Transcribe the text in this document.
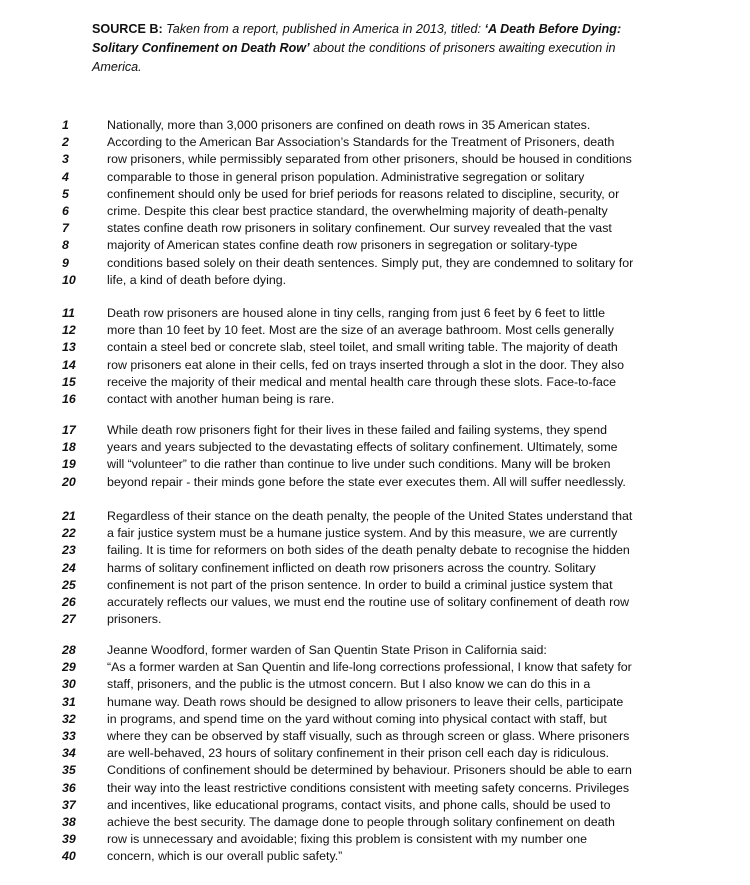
SOURCE B: Taken from a report, published in America in 2013, titled: ‘A Death Before Dying: Solitary Confinement on Death Row’ about the conditions of prisoners awaiting execution in America.
1	Nationally, more than 3,000 prisoners are confined on death rows in 35 American states.
2	According to the American Bar Association’s Standards for the Treatment of Prisoners, death
3	row prisoners, while permissibly separated from other prisoners, should be housed in conditions
4	comparable to those in general prison population. Administrative segregation or solitary
5	confinement should only be used for brief periods for reasons related to discipline, security, or
6	crime. Despite this clear best practice standard, the overwhelming majority of death-penalty
7	states confine death row prisoners in solitary confinement. Our survey revealed that the vast
8	majority of American states confine death row prisoners in segregation or solitary-type
9	conditions based solely on their death sentences. Simply put, they are condemned to solitary for
10	life, a kind of death before dying.
11	Death row prisoners are housed alone in tiny cells, ranging from just 6 feet by 6 feet to little
12	more than 10 feet by 10 feet. Most are the size of an average bathroom. Most cells generally
13	contain a steel bed or concrete slab, steel toilet, and small writing table. The majority of death
14	row prisoners eat alone in their cells, fed on trays inserted through a slot in the door. They also
15	receive the majority of their medical and mental health care through these slots. Face-to-face
16	contact with another human being is rare.
17	While death row prisoners fight for their lives in these failed and failing systems, they spend
18	years and years subjected to the devastating effects of solitary confinement. Ultimately, some
19	will “volunteer” to die rather than continue to live under such conditions. Many will be broken
20	beyond repair - their minds gone before the state ever executes them. All will suffer needlessly.
21	Regardless of their stance on the death penalty, the people of the United States understand that
22	a fair justice system must be a humane justice system. And by this measure, we are currently
23	failing. It is time for reformers on both sides of the death penalty debate to recognise the hidden
24	harms of solitary confinement inflicted on death row prisoners across the country. Solitary
25	confinement is not part of the prison sentence. In order to build a criminal justice system that
26	accurately reflects our values, we must end the routine use of solitary confinement of death row
27	prisoners.
28	Jeanne Woodford, former warden of San Quentin State Prison in California said:
29	“As a former warden at San Quentin and life-long corrections professional, I know that safety for
30	staff, prisoners, and the public is the utmost concern. But I also know we can do this in a
31	humane way. Death rows should be designed to allow prisoners to leave their cells, participate
32	in programs, and spend time on the yard without coming into physical contact with staff, but
33	where they can be observed by staff visually, such as through screen or glass. Where prisoners
34	are well-behaved, 23 hours of solitary confinement in their prison cell each day is ridiculous.
35	Conditions of confinement should be determined by behaviour. Prisoners should be able to earn
36	their way into the least restrictive conditions consistent with meeting safety concerns. Privileges
37	and incentives, like educational programs, contact visits, and phone calls, should be used to
38	achieve the best security. The damage done to people through solitary confinement on death
39	row is unnecessary and avoidable; fixing this problem is consistent with my number one
40	concern, which is our overall public safety.”
